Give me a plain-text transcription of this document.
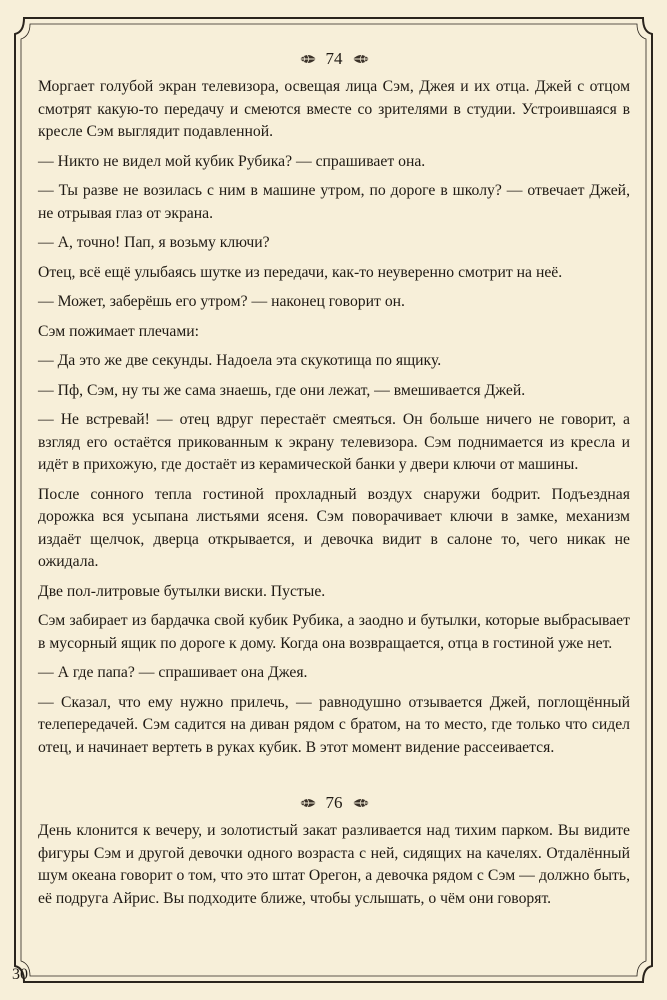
74

Моргает голубой экран телевизора, освещая лица Сэм, Джея и их отца. Джей с отцом смотрят какую-то передачу и смеются вместе со зрителями в студии. Устроившаяся в кресле Сэм выглядит подавленной.

— Никто не видел мой кубик Рубика? — спрашивает она.

— Ты разве не возилась с ним в машине утром, по дороге в школу? — отвечает Джей, не отрывая глаз от экрана.

— А, точно! Пап, я возьму ключи?

Отец, всё ещё улыбаясь шутке из передачи, как-то неуверенно смотрит на неё.

— Может, заберёшь его утром? — наконец говорит он.

Сэм пожимает плечами:

— Да это же две секунды. Надоела эта скукотища по ящику.

— Пф, Сэм, ну ты же сама знаешь, где они лежат, — вмешивается Джей.

— Не встревай! — отец вдруг перестаёт смеяться. Он больше ничего не говорит, а взгляд его остаётся прикованным к экрану телевизора. Сэм поднимается из кресла и идёт в прихожую, где достаёт из керамической банки у двери ключи от машины.

После сонного тепла гостиной прохладный воздух снаружи бодрит. Подъездная дорожка вся усыпана листьями ясеня. Сэм поворачивает ключи в замке, механизм издаёт щелчок, дверца открывается, и девочка видит в салоне то, чего никак не ожидала.

Две пол-литровые бутылки виски. Пустые.

Сэм забирает из бардачка свой кубик Рубика, а заодно и бутылки, которые выбрасывает в мусорный ящик по дороге к дому. Когда она возвращается, отца в гостиной уже нет.

— А где папа? — спрашивает она Джея.

— Сказал, что ему нужно прилечь, — равнодушно отзывается Джей, поглощённый телепередачей. Сэм садится на диван рядом с братом, на то место, где только что сидел отец, и начинает вертеть в руках кубик. В этот момент видение рассеивается.

76

День клонится к вечеру, и золотистый закат разливается над тихим парком. Вы видите фигуры Сэм и другой девочки одного возраста с ней, сидящих на качелях. Отдалённый шум океана говорит о том, что это штат Орегон, а девочка рядом с Сэм — должно быть, её подруга Айрис. Вы подходите ближе, чтобы услышать, о чём они говорят.

30
